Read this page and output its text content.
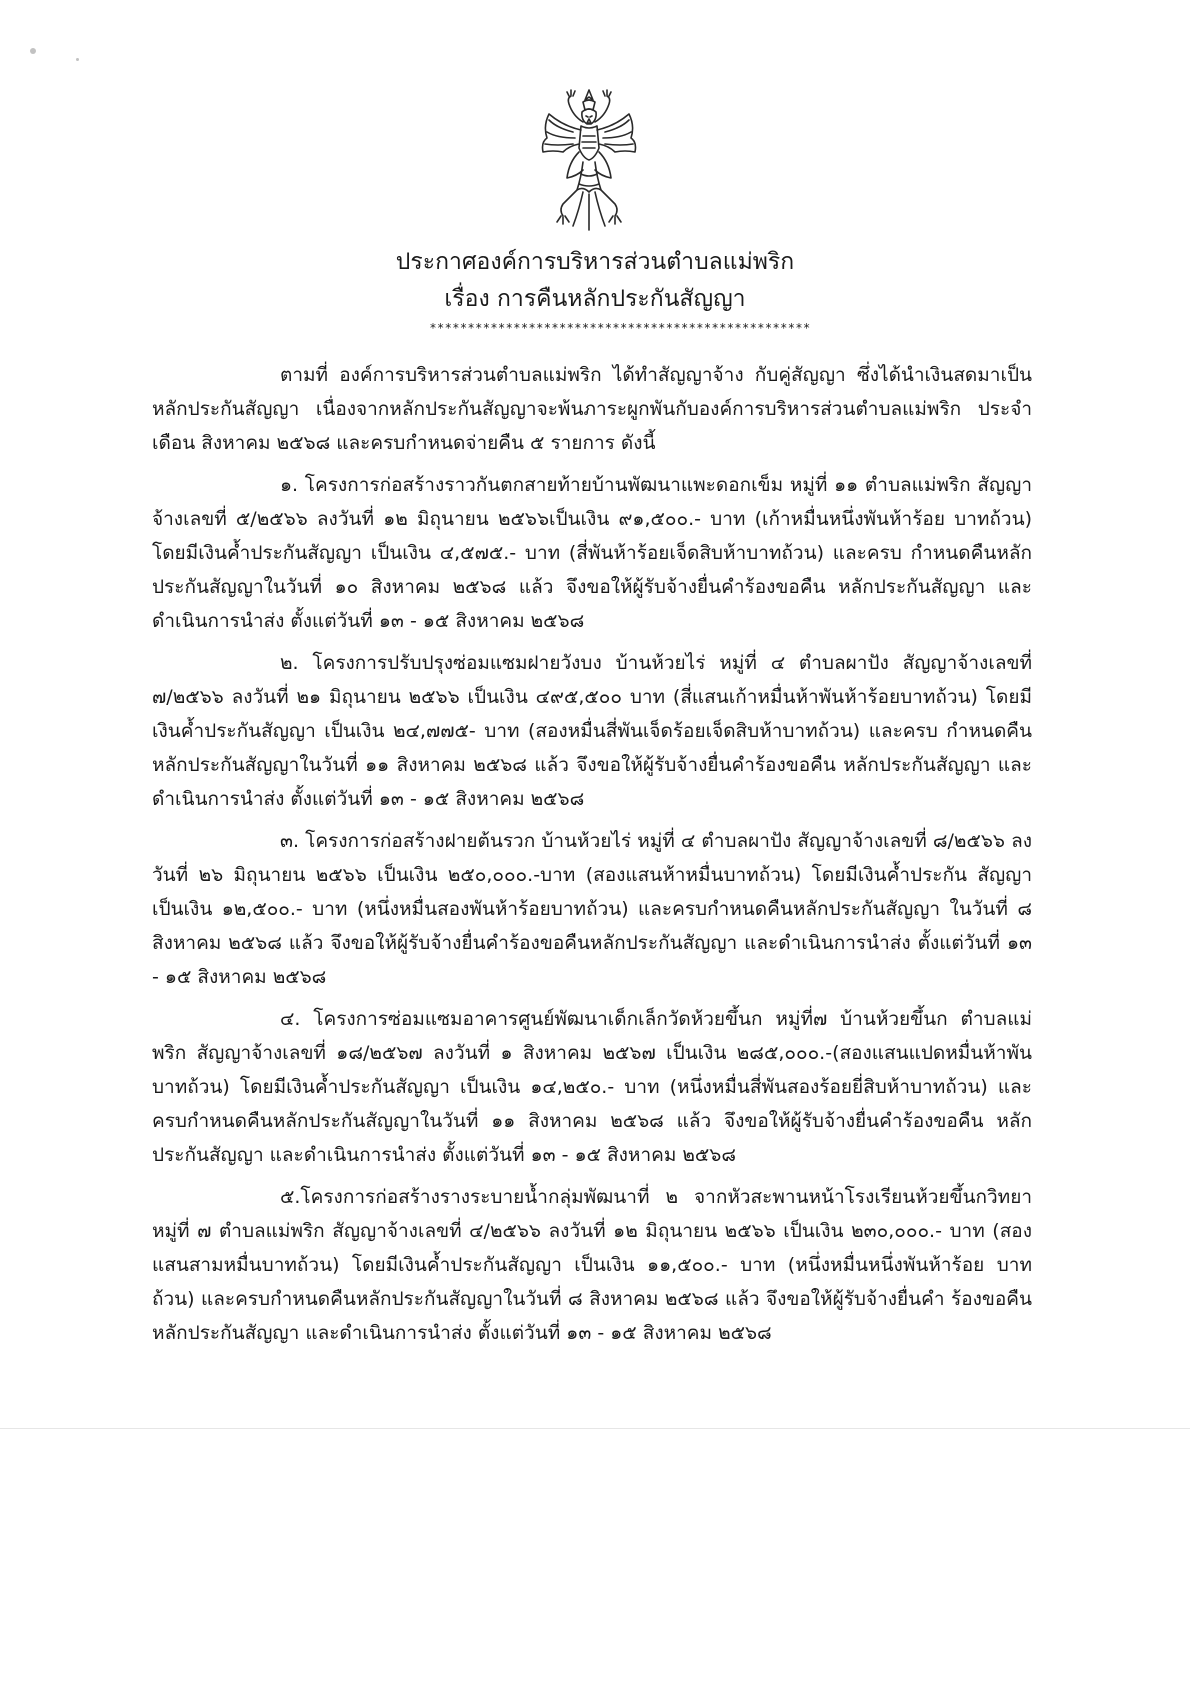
ประกาศองค์การบริหารส่วนตำบลแม่พริก
เรื่อง การคืนหลักประกันสัญญา
**************************************************

ตามที่ องค์การบริหารส่วนตำบลแม่พริก ได้ทำสัญญาจ้าง กับคู่สัญญา ซึ่งได้นำเงินสดมาเป็น หลักประกันสัญญา เนื่องจากหลักประกันสัญญาจะพ้นภาระผูกพันกับองค์การบริหารส่วนตำบลแม่พริก ประจำเดือน สิงหาคม ๒๕๖๘ และครบกำหนดจ่ายคืน ๕ รายการ ดังนี้

๑. โครงการก่อสร้างราวกันตกสายท้ายบ้านพัฒนาแพะดอกเข็ม หมู่ที่ ๑๑ ตำบลแม่พริก สัญญาจ้างเลขที่ ๕/๒๕๖๖ ลงวันที่ ๑๒ มิถุนายน ๒๕๖๖เป็นเงิน ๙๑,๕๐๐.- บาท (เก้าหมื่นหนึ่งพันห้าร้อย บาทถ้วน) โดยมีเงินค้ำประกันสัญญา เป็นเงิน ๔,๕๗๕.- บาท (สี่พันห้าร้อยเจ็ดสิบห้าบาทถ้วน) และครบ กำหนดคืนหลักประกันสัญญาในวันที่ ๑๐ สิงหาคม ๒๕๖๘ แล้ว จึงขอให้ผู้รับจ้างยื่นคำร้องขอคืน หลักประกันสัญญา และดำเนินการนำส่ง ตั้งแต่วันที่ ๑๓ - ๑๕ สิงหาคม ๒๕๖๘

๒. โครงการปรับปรุงซ่อมแซมฝายวังบง บ้านห้วยไร่ หมู่ที่ ๔ ตำบลผาปัง สัญญาจ้างเลขที่ ๗/๒๕๖๖ ลงวันที่ ๒๑ มิถุนายน ๒๕๖๖ เป็นเงิน ๔๙๕,๕๐๐ บาท (สี่แสนเก้าหมื่นห้าพันห้าร้อยบาทถ้วน) โดยมีเงินค้ำประกันสัญญา เป็นเงิน ๒๔,๗๗๕- บาท (สองหมื่นสี่พันเจ็ดร้อยเจ็ดสิบห้าบาทถ้วน) และครบ กำหนดคืนหลักประกันสัญญาในวันที่ ๑๑ สิงหาคม ๒๕๖๘ แล้ว จึงขอให้ผู้รับจ้างยื่นคำร้องขอคืน หลักประกันสัญญา และดำเนินการนำส่ง ตั้งแต่วันที่ ๑๓ - ๑๕ สิงหาคม ๒๕๖๘

๓. โครงการก่อสร้างฝายต้นรวก บ้านห้วยไร่ หมู่ที่ ๔ ตำบลผาปัง สัญญาจ้างเลขที่ ๘/๒๕๖๖ ลงวันที่ ๒๖ มิถุนายน ๒๕๖๖ เป็นเงิน ๒๕๐,๐๐๐.-บาท (สองแสนห้าหมื่นบาทถ้วน) โดยมีเงินค้ำประกัน สัญญา เป็นเงิน ๑๒,๕๐๐.- บาท (หนึ่งหมื่นสองพันห้าร้อยบาทถ้วน) และครบกำหนดคืนหลักประกันสัญญา ในวันที่ ๘ สิงหาคม ๒๕๖๘ แล้ว จึงขอให้ผู้รับจ้างยื่นคำร้องขอคืนหลักประกันสัญญา และดำเนินการนำส่ง ตั้งแต่วันที่ ๑๓ - ๑๕ สิงหาคม ๒๕๖๘

๔. โครงการซ่อมแซมอาคารศูนย์พัฒนาเด็กเล็กวัดห้วยขึ้นก หมู่ที่๗ บ้านห้วยขึ้นก ตำบลแม่ พริก สัญญาจ้างเลขที่ ๑๘/๒๕๖๗ ลงวันที่ ๑ สิงหาคม ๒๕๖๗ เป็นเงิน ๒๘๕,๐๐๐.-(สองแสนแปดหมื่นห้าพัน บาทถ้วน) โดยมีเงินค้ำประกันสัญญา เป็นเงิน ๑๔,๒๕๐.- บาท (หนึ่งหมื่นสี่พันสองร้อยยี่สิบห้าบาทถ้วน) และ ครบกำหนดคืนหลักประกันสัญญาในวันที่ ๑๑ สิงหาคม ๒๕๖๘ แล้ว จึงขอให้ผู้รับจ้างยื่นคำร้องขอคืน หลักประกันสัญญา และดำเนินการนำส่ง ตั้งแต่วันที่ ๑๓ - ๑๕ สิงหาคม ๒๕๖๘

๕.โครงการก่อสร้างรางระบายน้ำกลุ่มพัฒนาที่ ๒ จากหัวสะพานหน้าโรงเรียนห้วยขึ้นกวิทยา หมู่ที่ ๗ ตำบลแม่พริก สัญญาจ้างเลขที่ ๔/๒๕๖๖ ลงวันที่ ๑๒ มิถุนายน ๒๕๖๖ เป็นเงิน ๒๓๐,๐๐๐.- บาท (สองแสนสามหมื่นบาทถ้วน) โดยมีเงินค้ำประกันสัญญา เป็นเงิน ๑๑,๕๐๐.- บาท (หนึ่งหมื่นหนึ่งพันห้าร้อย บาทถ้วน) และครบกำหนดคืนหลักประกันสัญญาในวันที่ ๘ สิงหาคม ๒๕๖๘ แล้ว จึงขอให้ผู้รับจ้างยื่นคำ ร้องขอคืนหลักประกันสัญญา และดำเนินการนำส่ง ตั้งแต่วันที่ ๑๓ - ๑๕ สิงหาคม ๒๕๖๘
